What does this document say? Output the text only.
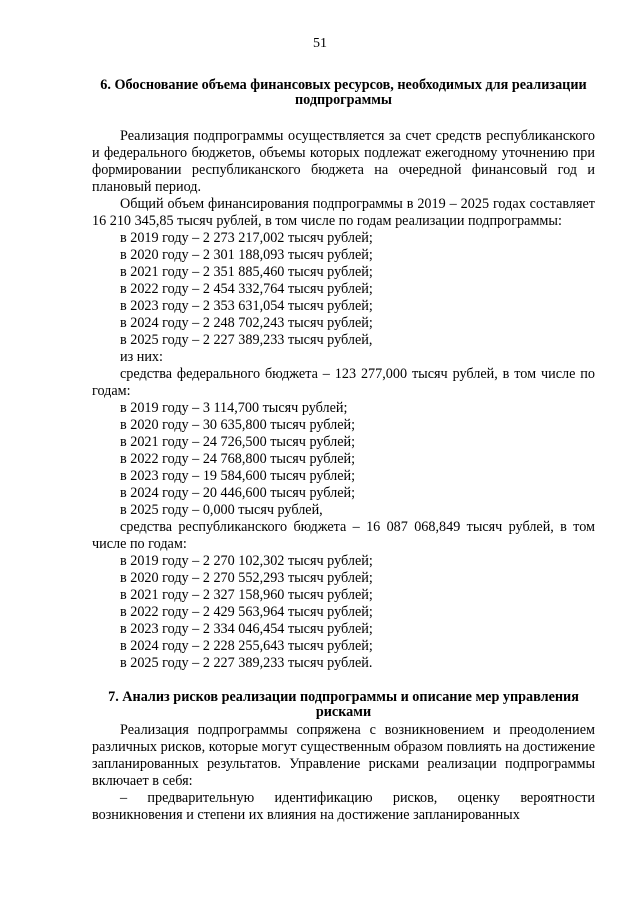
51
6. Обоснование объема финансовых ресурсов, необходимых для реализации подпрограммы

Реализация подпрограммы осуществляется за счет средств республиканского и федерального бюджетов, объемы которых подлежат ежегодному уточнению при формировании республиканского бюджета на очередной финансовый год и плановый период.

Общий объем финансирования подпрограммы в 2019 – 2025 годах составляет 16 210 345,85 тысяч рублей, в том числе по годам реализации подпрограммы:

в 2019 году – 2 273 217,002 тысяч рублей;
в 2020 году – 2 301 188,093 тысяч рублей;
в 2021 году – 2 351 885,460 тысяч рублей;
в 2022 году – 2 454 332,764 тысяч рублей;
в 2023 году – 2 353 631,054 тысяч рублей;
в 2024 году – 2 248 702,243 тысяч рублей;
в 2025 году – 2 227 389,233 тысяч рублей,

из них:

средства федерального бюджета – 123 277,000 тысяч рублей, в том числе по годам:

в 2019 году – 3 114,700 тысяч рублей;
в 2020 году – 30 635,800 тысяч рублей;
в 2021 году – 24 726,500 тысяч рублей;
в 2022 году – 24 768,800 тысяч рублей;
в 2023 году – 19 584,600 тысяч рублей;
в 2024 году – 20 446,600 тысяч рублей;
в 2025 году – 0,000 тысяч рублей,

средства республиканского бюджета – 16 087 068,849 тысяч рублей, в том числе по годам:

в 2019 году – 2 270 102,302 тысяч рублей;
в 2020 году – 2 270 552,293 тысяч рублей;
в 2021 году – 2 327 158,960 тысяч рублей;
в 2022 году – 2 429 563,964 тысяч рублей;
в 2023 году – 2 334 046,454 тысяч рублей;
в 2024 году – 2 228 255,643 тысяч рублей;
в 2025 году – 2 227 389,233 тысяч рублей.
7. Анализ рисков реализации подпрограммы и описание мер управления рисками

Реализация подпрограммы сопряжена с возникновением и преодолением различных рисков, которые могут существенным образом повлиять на достижение запланированных результатов. Управление рисками реализации подпрограммы включает в себя:

– предварительную идентификацию рисков, оценку вероятности возникновения и степени их влияния на достижение запланированных
